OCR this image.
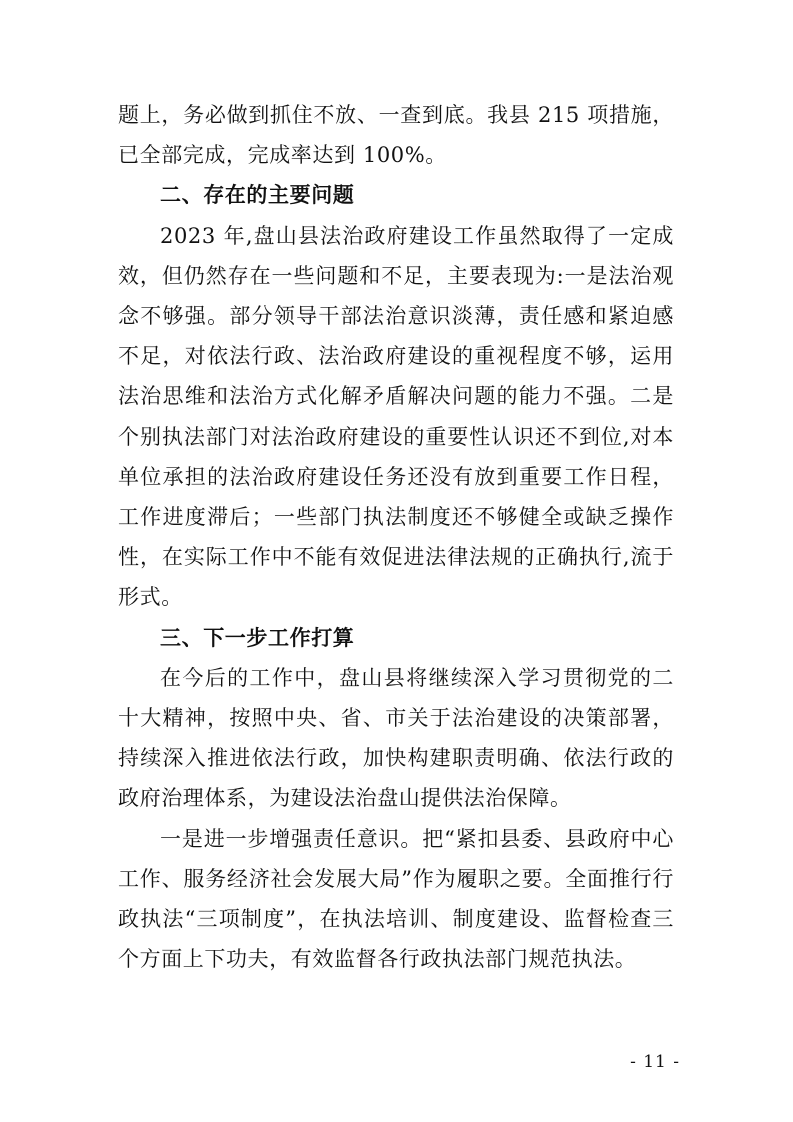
题上，务必做到抓住不放、一查到底。我县 215 项措施，已全部完成，完成率达到 100%。

二、存在的主要问题

2023 年,盘山县法治政府建设工作虽然取得了一定成效，但仍然存在一些问题和不足，主要表现为:一是法治观念不够强。部分领导干部法治意识淡薄，责任感和紧迫感不足，对依法行政、法治政府建设的重视程度不够，运用法治思维和法治方式化解矛盾解决问题的能力不强。二是个别执法部门对法治政府建设的重要性认识还不到位,对本单位承担的法治政府建设任务还没有放到重要工作日程，工作进度滞后；一些部门执法制度还不够健全或缺乏操作性，在实际工作中不能有效促进法律法规的正确执行,流于形式。

三、下一步工作打算

在今后的工作中，盘山县将继续深入学习贯彻党的二十大精神，按照中央、省、市关于法治建设的决策部署，持续深入推进依法行政，加快构建职责明确、依法行政的政府治理体系，为建设法治盘山提供法治保障。

一是进一步增强责任意识。把“紧扣县委、县政府中心工作、服务经济社会发展大局”作为履职之要。全面推行行政执法“三项制度”，在执法培训、制度建设、监督检查三个方面上下功夫，有效监督各行政执法部门规范执法。

- 11 -
